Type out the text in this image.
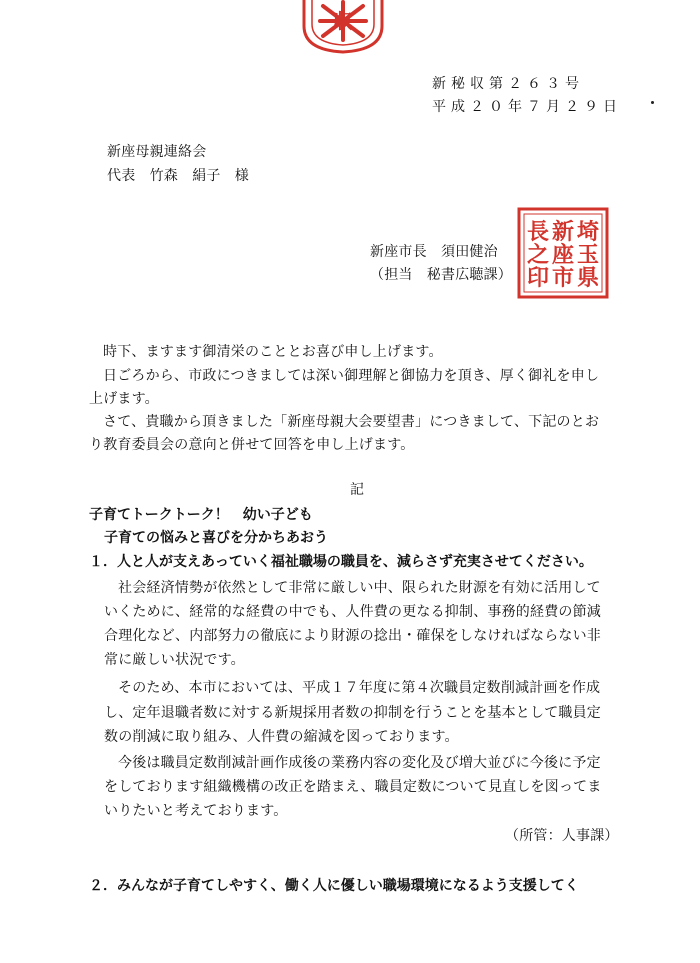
収
新秘収第２６３号
平成２０年７月２９日
新座母親連絡会
代表　竹森　絹子　様
新座市長　須田健治
（担当　秘書広聴課）
埼
玉
県
新
座
市
長
之
印
時下、ますます御清栄のこととお喜び申し上げます。
日ごろから、市政につきましては深い御理解と御協力を頂き、厚く御礼を申し
上げます。
さて、貴職から頂きました「新座母親大会要望書」につきまして、下記のとお
り教育委員会の意向と併せて回答を申し上げます。
記
子育てトークトーク！　幼い子ども
子育ての悩みと喜びを分かちあおう
１．人と人が支えあっていく福祉職場の職員を、減らさず充実させてください。
社会経済情勢が依然として非常に厳しい中、限られた財源を有効に活用して
いくために、経常的な経費の中でも、人件費の更なる抑制、事務的経費の節減
合理化など、内部努力の徹底により財源の捻出・確保をしなければならない非
常に厳しい状況です。
そのため、本市においては、平成１７年度に第４次職員定数削減計画を作成
し、定年退職者数に対する新規採用者数の抑制を行うことを基本として職員定
数の削減に取り組み、人件費の縮減を図っております。
今後は職員定数削減計画作成後の業務内容の変化及び増大並びに今後に予定
をしております組織機構の改正を踏まえ、職員定数について見直しを図ってま
いりたいと考えております。
（所管：人事課）
２．みんなが子育てしやすく、働く人に優しい職場環境になるよう支援してく
